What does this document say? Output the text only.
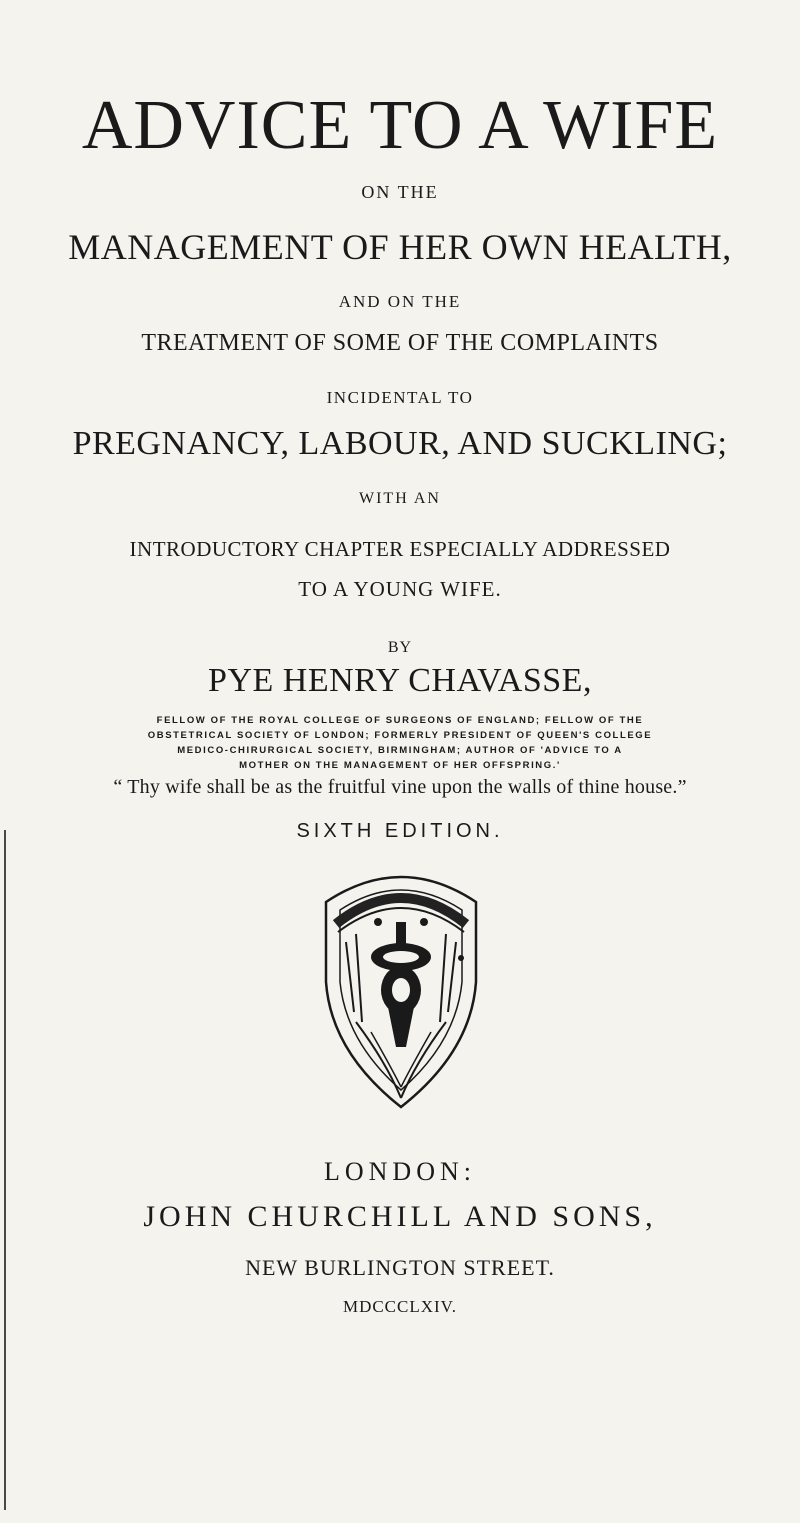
ADVICE TO A WIFE
ON THE
MANAGEMENT OF HER OWN HEALTH,
AND ON THE
TREATMENT OF SOME OF THE COMPLAINTS
INCIDENTAL TO
PREGNANCY, LABOUR, AND SUCKLING;
WITH AN
INTRODUCTORY CHAPTER ESPECIALLY ADDRESSED
TO A YOUNG WIFE.
BY
PYE HENRY CHAVASSE,
FELLOW OF THE ROYAL COLLEGE OF SURGEONS OF ENGLAND; FELLOW OF THE
OBSTETRICAL SOCIETY OF LONDON; FORMERLY PRESIDENT OF QUEEN'S COLLEGE
MEDICO-CHIRURGICAL SOCIETY, BIRMINGHAM; AUTHOR OF 'ADVICE TO A
MOTHER ON THE MANAGEMENT OF HER OFFSPRING.'
“ Thy wife shall be as the fruitful vine upon the walls of thine house.”
SIXTH EDITION.
LONDON:
JOHN CHURCHILL AND SONS,
NEW BURLINGTON STREET.
MDCCCLXIV.
